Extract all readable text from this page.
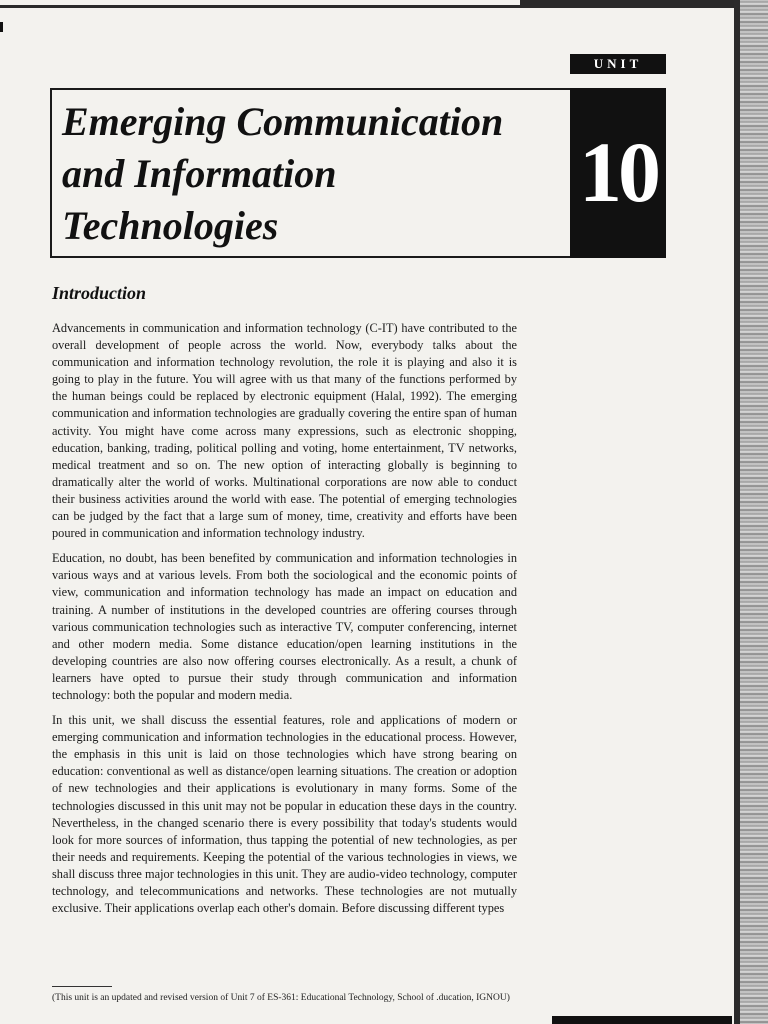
UNIT
Emerging Communication
and Information
Technologies
10
Introduction

Advancements in communication and information technology (C-IT) have contributed to the overall development of people across the world. Now, everybody talks about the communication and information technology revolution, the role it is playing and also it is going to play in the future. You will agree with us that many of the functions performed by the human beings could be replaced by electronic equipment (Halal, 1992). The emerging communication and information technologies are gradually covering the entire span of human activity. You might have come across many expressions, such as electronic shopping, education, banking, trading, political polling and voting, home entertainment, TV networks, medical treatment and so on. The new option of interacting globally is beginning to dramatically alter the world of works. Multinational corporations are now able to conduct their business activities around the world with ease. The potential of emerging technologies can be judged by the fact that a large sum of money, time, creativity and efforts have been poured in communication and information technology industry.

Education, no doubt, has been benefited by communication and information technologies in various ways and at various levels. From both the sociological and the economic points of view, communication and information technology has made an impact on education and training. A number of institutions in the developed countries are offering courses through various communication technologies such as interactive TV, computer conferencing, internet and other modern media. Some distance education/open learning institutions in the developing countries are also now offering courses electronically. As a result, a chunk of learners have opted to pursue their study through communication and information technology: both the popular and modern media.

In this unit, we shall discuss the essential features, role and applications of modern or emerging communication and information technologies in the educational process. However, the emphasis in this unit is laid on those technologies which have strong bearing on education: conventional as well as distance/open learning situations. The creation or adoption of new technologies and their applications is evolutionary in many forms. Some of the technologies discussed in this unit may not be popular in education these days in the country. Nevertheless, in the changed scenario there is every possibility that today's students would look for more sources of information, thus tapping the potential of new technologies, as per their needs and requirements. Keeping the potential of the various technologies in views, we shall discuss three major technologies in this unit. They are audio-video technology, computer technology, and telecommunications and networks. These technologies are not mutually exclusive. Their applications overlap each other's domain. Before discussing different types

(This unit is an updated and revised version of Unit 7 of ES-361: Educational Technology, School of .ducation, IGNOU)
